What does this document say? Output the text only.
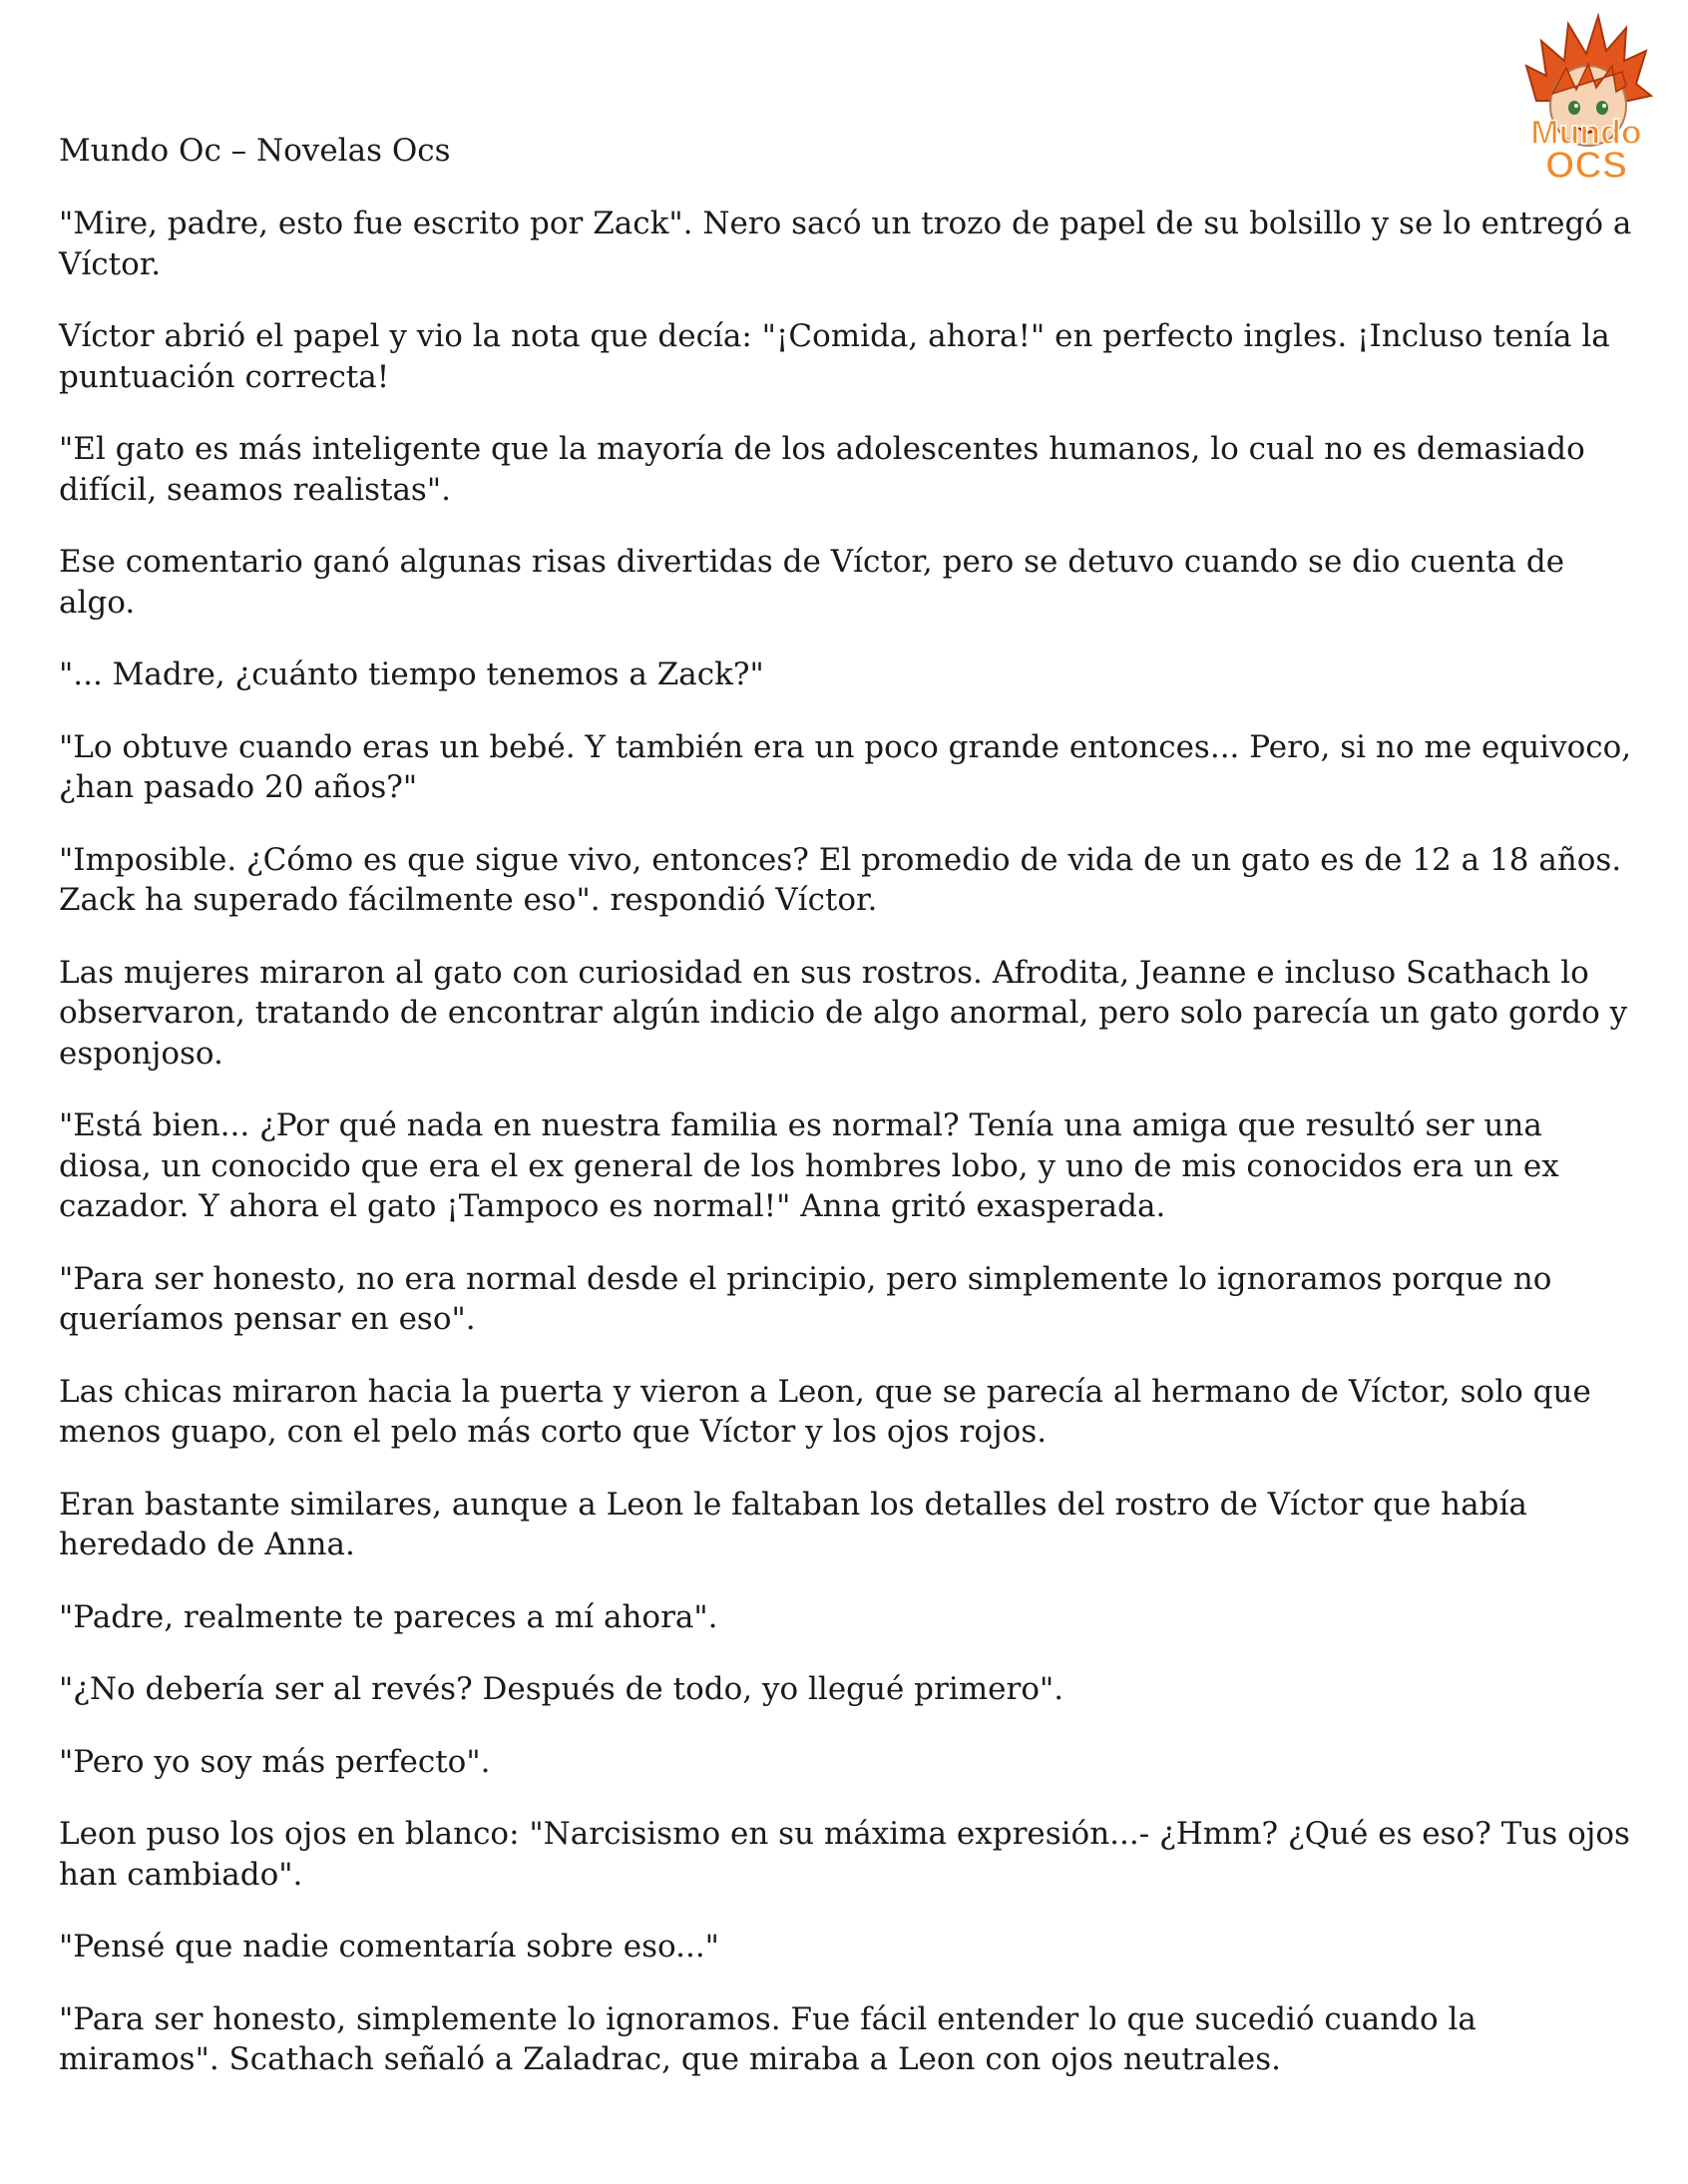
Mundo Oc – Novelas Ocs	Mundo
OCS

"Mire, padre, esto fue escrito por Zack". Nero sacó un trozo de papel de su bolsillo y se lo entregó a Víctor.

Víctor abrió el papel y vio la nota que decía: "¡Comida, ahora!" en perfecto ingles. ¡Incluso tenía la puntuación correcta!

"El gato es más inteligente que la mayoría de los adolescentes humanos, lo cual no es demasiado difícil, seamos realistas".

Ese comentario ganó algunas risas divertidas de Víctor, pero se detuvo cuando se dio cuenta de algo.

"... Madre, ¿cuánto tiempo tenemos a Zack?"

"Lo obtuve cuando eras un bebé. Y también era un poco grande entonces... Pero, si no me equivoco, ¿han pasado 20 años?"

"Imposible. ¿Cómo es que sigue vivo, entonces? El promedio de vida de un gato es de 12 a 18 años. Zack ha superado fácilmente eso". respondió Víctor.

Las mujeres miraron al gato con curiosidad en sus rostros. Afrodita, Jeanne e incluso Scathach lo observaron, tratando de encontrar algún indicio de algo anormal, pero solo parecía un gato gordo y esponjoso.

"Está bien... ¿Por qué nada en nuestra familia es normal? Tenía una amiga que resultó ser una diosa, un conocido que era el ex general de los hombres lobo, y uno de mis conocidos era un ex cazador. Y ahora el gato ¡Tampoco es normal!" Anna gritó exasperada.

"Para ser honesto, no era normal desde el principio, pero simplemente lo ignoramos porque no queríamos pensar en eso".

Las chicas miraron hacia la puerta y vieron a Leon, que se parecía al hermano de Víctor, solo que menos guapo, con el pelo más corto que Víctor y los ojos rojos.

Eran bastante similares, aunque a Leon le faltaban los detalles del rostro de Víctor que había heredado de Anna.

"Padre, realmente te pareces a mí ahora".

"¿No debería ser al revés? Después de todo, yo llegué primero".

"Pero yo soy más perfecto".

Leon puso los ojos en blanco: "Narcisismo en su máxima expresión...- ¿Hmm? ¿Qué es eso? Tus ojos han cambiado".

"Pensé que nadie comentaría sobre eso..."

"Para ser honesto, simplemente lo ignoramos. Fue fácil entender lo que sucedió cuando la miramos". Scathach señaló a Zaladrac, que miraba a Leon con ojos neutrales.
